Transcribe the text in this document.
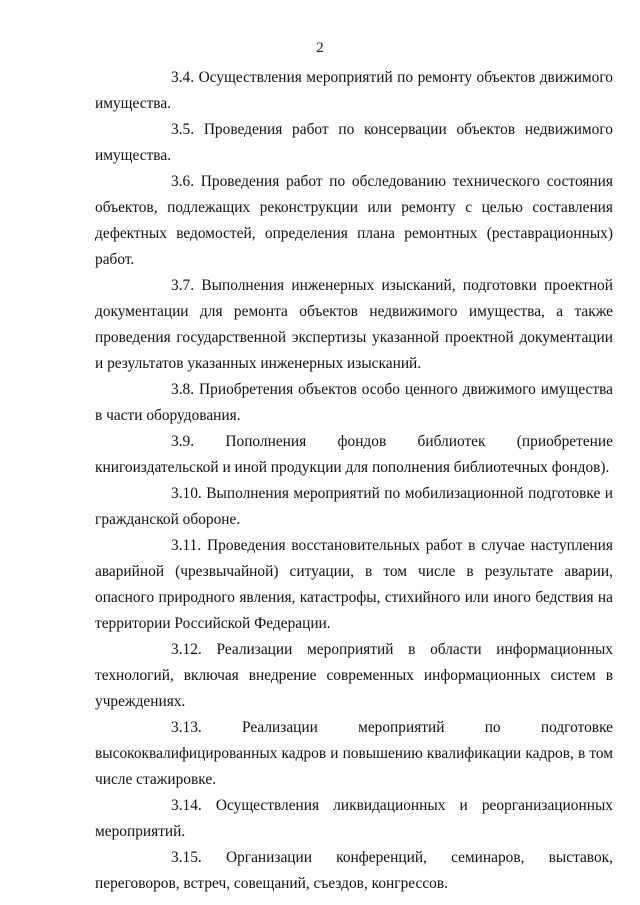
2

3.4. Осуществления мероприятий по ремонту объектов движимого имущества.

3.5. Проведения работ по консервации объектов недвижимого имущества.

3.6. Проведения работ по обследованию технического состояния объектов, подлежащих реконструкции или ремонту с целью составления дефектных ведомостей, определения плана ремонтных (реставрационных) работ.

3.7. Выполнения инженерных изысканий, подготовки проектной документации для ремонта объектов недвижимого имущества, а также проведения государственной экспертизы указанной проектной документации и результатов указанных инженерных изысканий.

3.8. Приобретения объектов особо ценного движимого имущества в части оборудования.

3.9. Пополнения фондов библиотек (приобретение книгоиздательской и иной продукции для пополнения библиотечных фондов).

3.10. Выполнения мероприятий по мобилизационной подготовке и гражданской обороне.

3.11. Проведения восстановительных работ в случае наступления аварийной (чрезвычайной) ситуации, в том числе в результате аварии, опасного природного явления, катастрофы, стихийного или иного бедствия на территории Российской Федерации.

3.12. Реализации мероприятий в области информационных технологий, включая внедрение современных информационных систем в учреждениях.

3.13.	Реализации мероприятий по подготовке высококвалифицированных кадров и повышению квалификации кадров, в том числе стажировке.

3.14. Осуществления ликвидационных и реорганизационных мероприятий.

3.15. Организации конференций, семинаров, выставок, переговоров, встреч, совещаний, съездов, конгрессов.
